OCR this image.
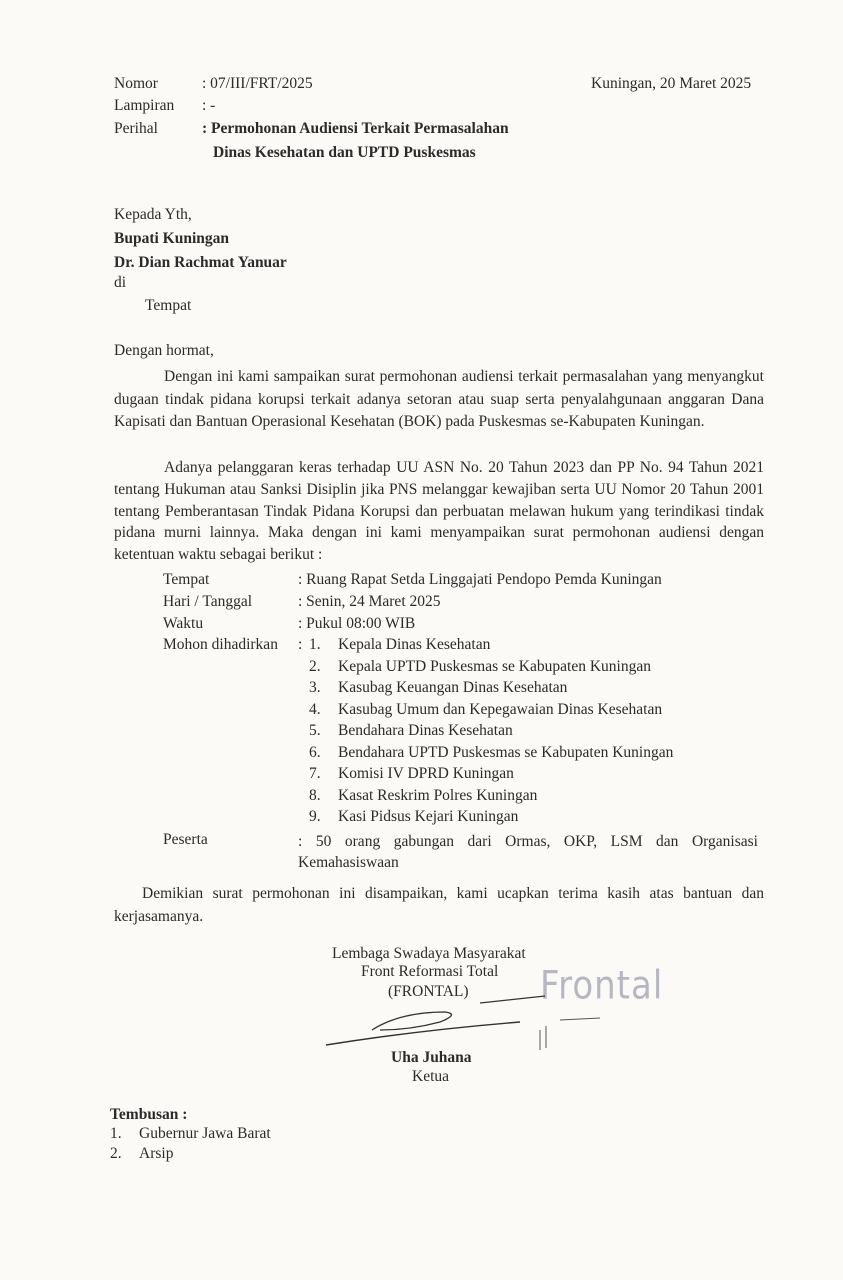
Nomor	: 07/III/FRT/2025	Kuningan, 20 Maret 2025
Lampiran : -
Perihal	: Permohonan Audiensi Terkait Permasalahan
Dinas Kesehatan dan UPTD Puskesmas
Kepada Yth,
Bupati Kuningan
Dr. Dian Rachmat Yanuar
di
Tempat
Dengan hormat,
Dengan ini kami sampaikan surat permohonan audiensi terkait permasalahan yang menyangkut dugaan tindak pidana korupsi terkait adanya setoran atau suap serta penyalahgunaan anggaran Dana Kapisati dan Bantuan Operasional Kesehatan (BOK) pada Puskesmas se-Kabupaten Kuningan.
Adanya pelanggaran keras terhadap UU ASN No. 20 Tahun 2023 dan PP No. 94 Tahun 2021 tentang Hukuman atau Sanksi Disiplin jika PNS melanggar kewajiban serta UU Nomor 20 Tahun 2001 tentang Pemberantasan Tindak Pidana Korupsi dan perbuatan melawan hukum yang terindikasi tindak pidana murni lainnya. Maka dengan ini kami menyampaikan surat permohonan audiensi dengan ketentuan waktu sebagai berikut :
Tempat	: Ruang Rapat Setda Linggajati Pendopo Pemda Kuningan
Hari / Tanggal	: Senin, 24 Maret 2025
Waktu	: Pukul 08:00 WIB
Mohon dihadirkan : 1. Kepala Dinas Kesehatan
2. Kepala UPTD Puskesmas se Kabupaten Kuningan
3. Kasubag Keuangan Dinas Kesehatan
4. Kasubag Umum dan Kepegawaian Dinas Kesehatan
5. Bendahara Dinas Kesehatan
6. Bendahara UPTD Puskesmas se Kabupaten Kuningan
7. Komisi IV DPRD Kuningan
8. Kasat Reskrim Polres Kuningan
9. Kasi Pidsus Kejari Kuningan
Peserta	: 50 orang gabungan dari Ormas, OKP, LSM dan Organisasi Kemahasiswaan
Demikian surat permohonan ini disampaikan, kami ucapkan terima kasih atas bantuan dan kerjasamanya.
Lembaga Swadaya Masyarakat
Front Reformasi Total
(FRONTAL) Frontal
Uha Juhana
Ketua
Tembusan :
1. Gubernur Jawa Barat
2. Arsip
